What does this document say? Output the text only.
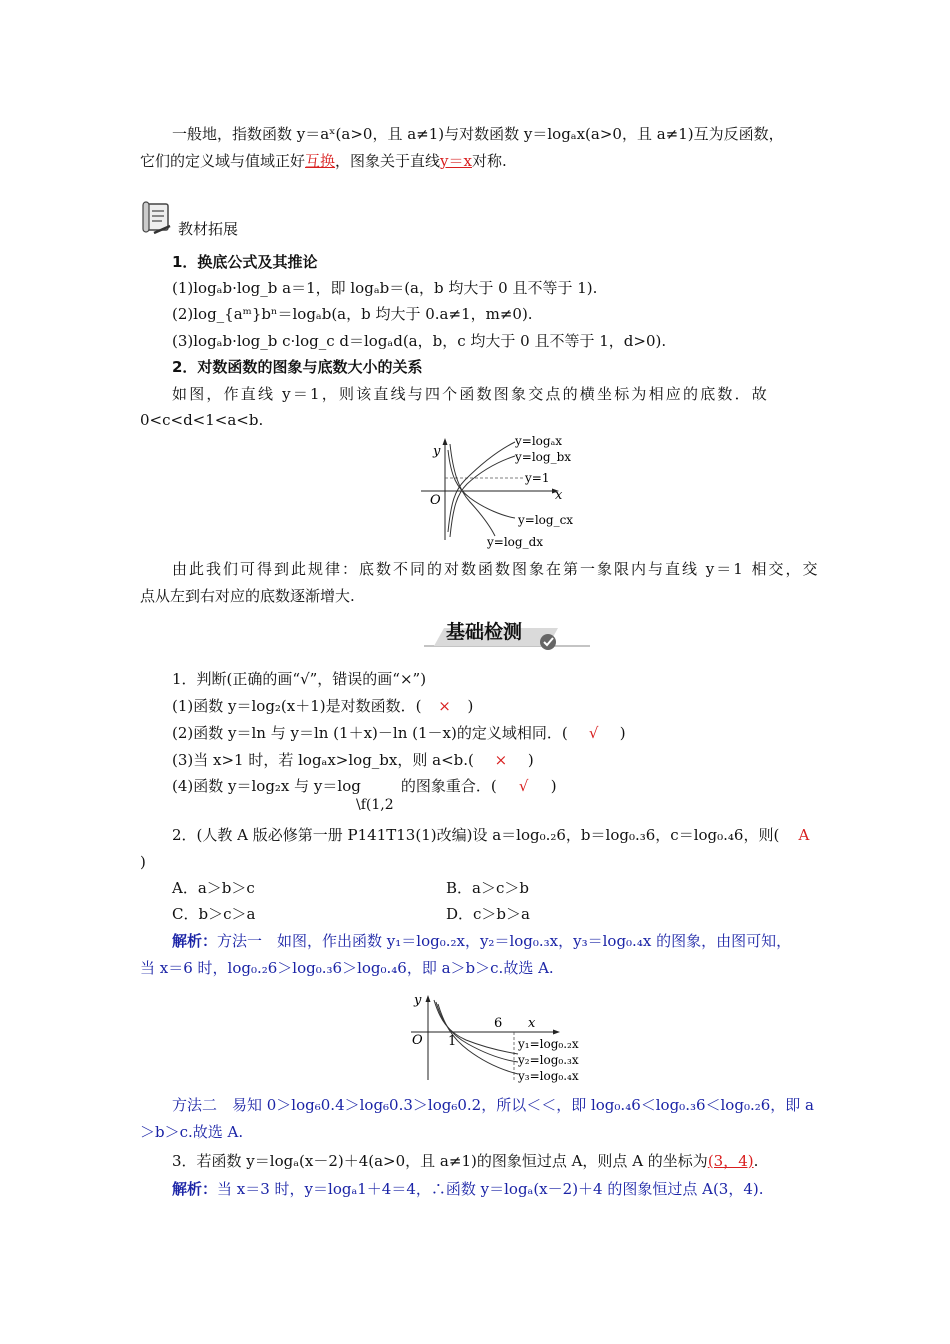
一般地，指数函数 y＝aˣ(a>0，且 a≠1)与对数函数 y＝logₐx(a>0，且 a≠1)互为反函数，
它们的定义域与值域正好互换，图象关于直线y＝x对称.
教材拓展
1．换底公式及其推论
(1)logₐb·log_b a＝1，即 logₐb＝(a，b 均大于 0 且不等于 1).
(2)log_{aᵐ}bⁿ＝logₐb(a，b 均大于 0.a≠1，m≠0).
(3)logₐb·log_b c·log_c d＝logₐd(a，b，c 均大于 0 且不等于 1，d>0).
2．对数函数的图象与底数大小的关系
如图，作直线 y＝1，则该直线与四个函数图象交点的横坐标为相应的底数．故
0<c<d<1<a<b.
y
x
O
y=logₐx
y=log_bx
y=1
y=log_cx
y=log_dx
由此我们可得到此规律：底数不同的对数函数图象在第一象限内与直线 y＝1 相交，交
点从左到右对应的底数逐渐增大.
基础检测
1．判断(正确的画“√”，错误的画“×”)
(1)函数 y＝log₂(x＋1)是对数函数．( × )
(2)函数 y＝ln 与 y＝ln (1＋x)－ln (1－x)的定义域相同．( √ )
(3)当 x>1 时，若 logₐx>log_bx，则 a<b.( × )
(4)函数 y＝log₂x 与 y＝log	的图象重合．( √ )
\f(1,2
2．(人教 A 版必修第一册 P141T13(1)改编)设 a＝log₀.₂6，b＝log₀.₃6，c＝log₀.₄6，则( A
)
A．a＞b＞c	B．a＞c＞b
C．b＞c＞a	D．c＞b＞a
解析：方法一　如图，作出函数 y₁＝log₀.₂x，y₂＝log₀.₃x，y₃＝log₀.₄x 的图象，由图可知，
当 x＝6 时，log₀.₂6＞log₀.₃6＞log₀.₄6，即 a＞b＞c.故选 A.
y
x
O 1
6
y₁=log₀.₂x
y₂=log₀.₃x
y₃=log₀.₄x
方法二　易知 0＞log₆0.4＞log₆0.3＞log₆0.2，所以＜＜，即 log₀.₄6＜log₀.₃6＜log₀.₂6，即 a
＞b＞c.故选 A.
3．若函数 y＝logₐ(x－2)＋4(a>0，且 a≠1)的图象恒过点 A，则点 A 的坐标为(3，4).
解析：当 x＝3 时，y＝logₐ1＋4＝4，∴函数 y＝logₐ(x－2)＋4 的图象恒过点 A(3，4).
